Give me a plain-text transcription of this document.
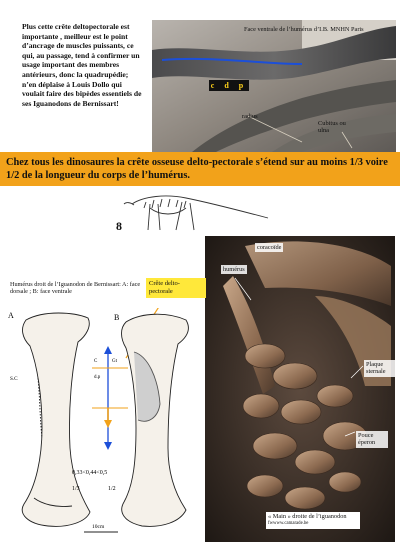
Plus cette crête deltopectorale est importante , meilleur est le point d’ancrage de muscles puissants, ce qui, au passage, tend à confirmer un usage important des membres antérieurs, donc la quadrupédie; n’en déplaise à Louis Dollo qui voulait faire des bipèdes essentiels de ses Iguanodons de Bernissart!
Face ventrale de l’humérus d’I.B. MNHN Paris
c d p
radius
Cubitus ou ulna
Chez tous les dinosaures la crête osseuse delto-pectorale s’étend sur au moins 1/3 voire 1/2 de la longueur du corps de l’humérus.
8
coracoïde
humérus
Plaque sternale
Pouce éperon
« Main » droite de l’iguanodon
fwwww.camarade.be
Humérus droit de l’Iguanodon de Bernissart: A: face dorsale ; B: face ventrale
Crête delto-pectorale
A	B
S.C
C	Gt
d.p
0,33<0,44<0,5
1/3	1/2
10cm
